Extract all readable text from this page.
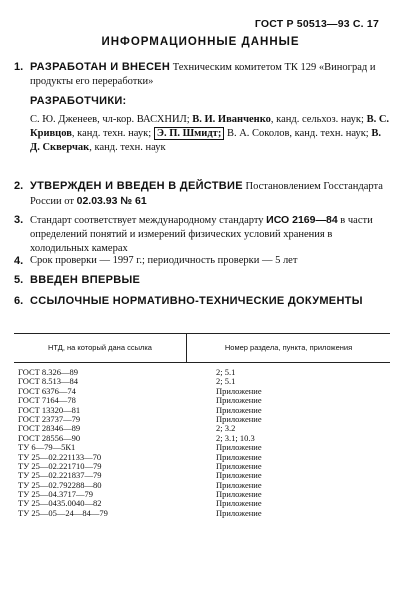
ГОСТ Р 50513—93 С. 17
ИНФОРМАЦИОННЫЕ ДАННЫЕ
1. РАЗРАБОТАН И ВНЕСЕН Техническим комитетом ТК 129 «Виноград и продукты его переработки»
РАЗРАБОТЧИКИ:
С. Ю. Дженеев, чл-кор. ВАСХНИЛ; В. И. Иванченко, канд. сельхоз. наук; В. С. Кривцов, канд. техн. наук; Э. П. Шмидт; В. А. Соколов, канд. техн. наук; В. Д. Скверчак, канд. техн. наук
2. УТВЕРЖДЕН И ВВЕДЕН В ДЕЙСТВИЕ Постановлением Госстандарта России от 02.03.93 № 61
3. Стандарт соответствует международному стандарту ИСО 2169—84 в части определений понятий и измерений физических условий хранения в холодильных камерах
4. Срок проверки — 1997 г.; периодичность проверки — 5 лет
5. ВВЕДЕН ВПЕРВЫЕ
6. ССЫЛОЧНЫЕ НОРМАТИВНО-ТЕХНИЧЕСКИЕ ДОКУМЕНТЫ
НТД, на который дана ссылка	Номер раздела, пункта, приложения
ГОСТ 8.326—89	2; 5.1
ГОСТ 8.513—84	2; 5.1
ГОСТ 6376—74	Приложение
ГОСТ 7164—78	Приложение
ГОСТ 13320—81	Приложение
ГОСТ 23737—79	Приложение
ГОСТ 28346—89	2; 3.2
ГОСТ 28556—90	2; 3.1; 10.3
ТУ 6—79—5К1	Приложение
ТУ 25—02.221133—70	Приложение
ТУ 25—02.221710—79	Приложение
ТУ 25—02.221837—79	Приложение
ТУ 25—02.792288—80	Приложение
ТУ 25—04.3717—79	Приложение
ТУ 25—0435.0040—82	Приложение
ТУ 25—05—24—84—79	Приложение
